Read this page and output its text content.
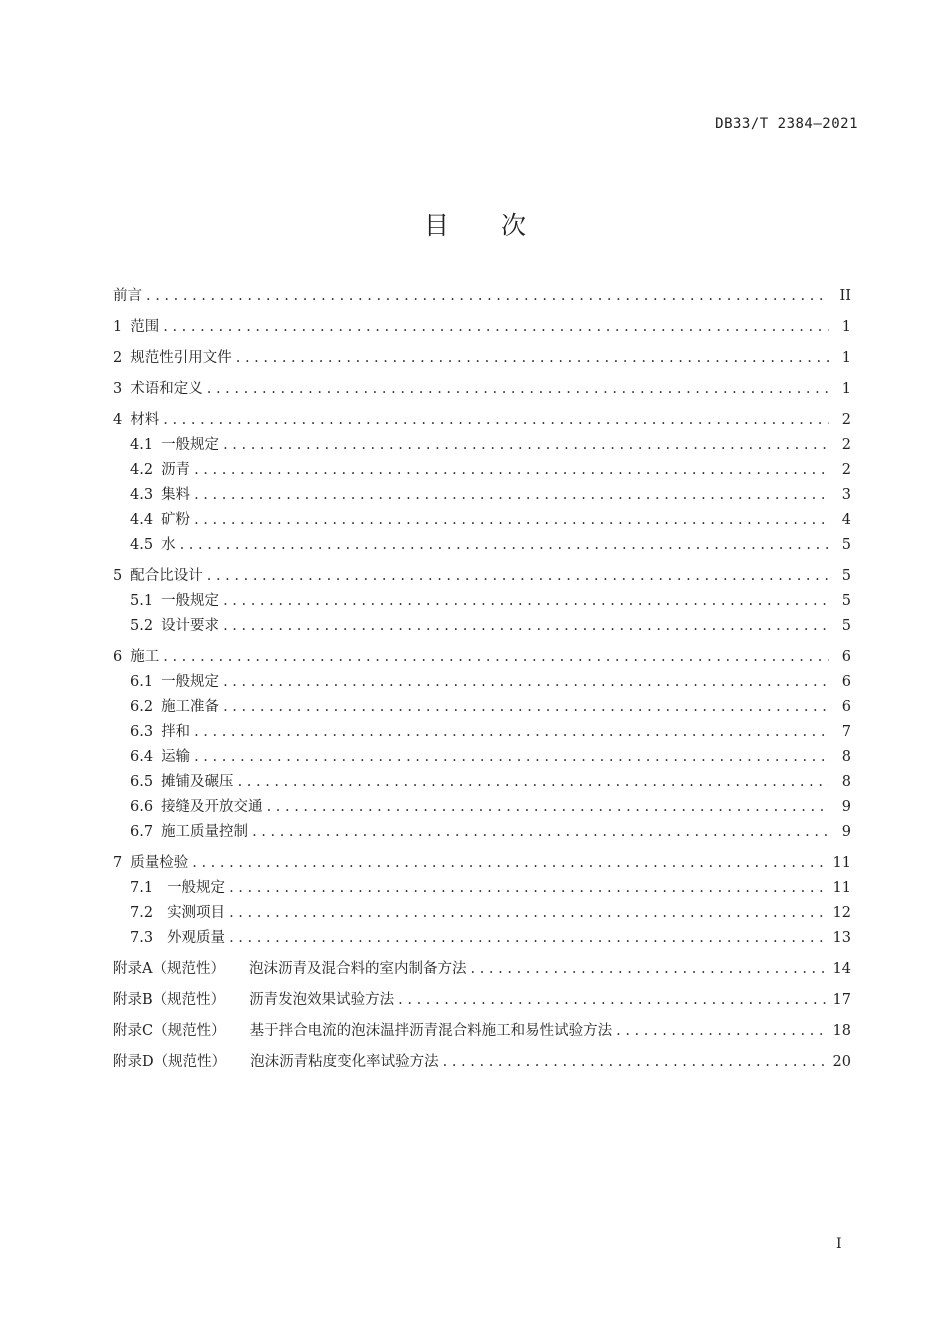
DB33/T 2384—2021
目 次
前言 . . .	II
1 范围 . . .	1
2 规范性引用文件 . . .	1
3 术语和定义 . . .	1
4 材料 . . .	2
4.1 一般规定 . . .	2
4.2 沥青 . . .	2
4.3 集料 . . .	3
4.4 矿粉 . . .	4
4.5 水 . . .	5
5 配合比设计 . . .	5
5.1 一般规定 . . .	5
5.2 设计要求 . . .	5
6 施工 . . .	6
6.1 一般规定 . . .	6
6.2 施工准备 . . .	6
6.3 拌和 . . .	7
6.4 运输 . . .	8
6.5 摊铺及碾压 . . .	8
6.6 接缝及开放交通 . . .	9
6.7 施工质量控制 . . .	9
7 质量检验 . . .	11
7.1 一般规定 . . .	11
7.2 实测项目 . . .	12
7.3 外观质量 . . .	13
附录A（规范性） 泡沫沥青及混合料的室内制备方法 . . .	14
附录B（规范性） 沥青发泡效果试验方法 . . .	17
附录C（规范性） 基于拌合电流的泡沫温拌沥青混合料施工和易性试验方法 . . .	18
附录D（规范性） 泡沫沥青粘度变化率试验方法 . . .	20
I
